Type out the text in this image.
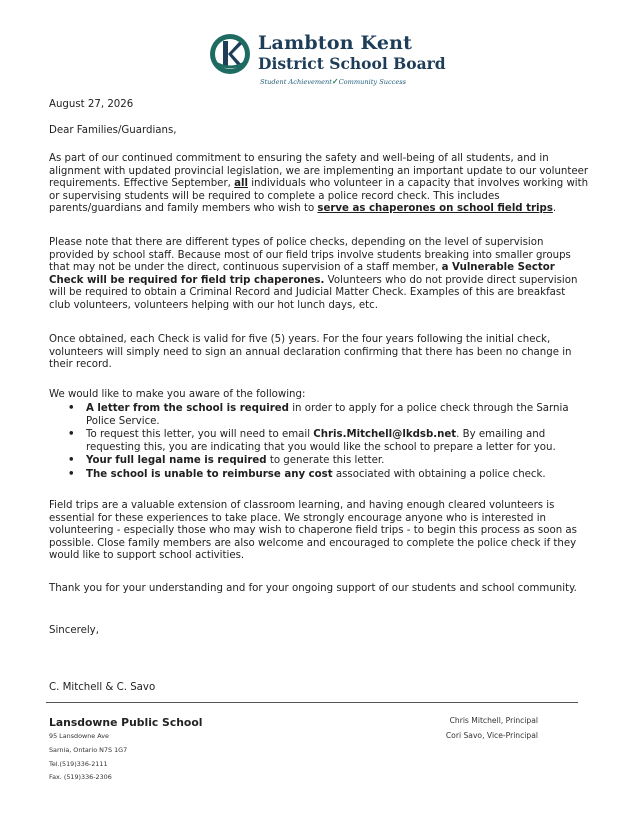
Lambton Kent
District School Board
Student Achievement✓Community Success
August 27, 2026
Dear Families/Guardians,
As part of our continued commitment to ensuring the safety and well-being of all students, and in alignment with updated provincial legislation, we are implementing an important update to our volunteer requirements. Effective September, all individuals who volunteer in a capacity that involves working with or supervising students will be required to complete a police record check. This includes parents/guardians and family members who wish to serve as chaperones on school field trips.
Please note that there are different types of police checks, depending on the level of supervision provided by school staff. Because most of our field trips involve students breaking into smaller groups that may not be under the direct, continuous supervision of a staff member, a Vulnerable Sector Check will be required for field trip chaperones. Volunteers who do not provide direct supervision will be required to obtain a Criminal Record and Judicial Matter Check. Examples of this are breakfast club volunteers, volunteers helping with our hot lunch days, etc.
Once obtained, each Check is valid for five (5) years. For the four years following the initial check, volunteers will simply need to sign an annual declaration confirming that there has been no change in their record.
We would like to make you aware of the following:
• A letter from the school is required in order to apply for a police check through the Sarnia Police Service.
• To request this letter, you will need to email Chris.Mitchell@lkdsb.net. By emailing and requesting this, you are indicating that you would like the school to prepare a letter for you.
• Your full legal name is required to generate this letter.
• The school is unable to reimburse any cost associated with obtaining a police check.
Field trips are a valuable extension of classroom learning, and having enough cleared volunteers is essential for these experiences to take place. We strongly encourage anyone who is interested in volunteering - especially those who may wish to chaperone field trips - to begin this process as soon as possible. Close family members are also welcome and encouraged to complete the police check if they would like to support school activities.
Thank you for your understanding and for your ongoing support of our students and school community.
Sincerely,
C. Mitchell & C. Savo
Lansdowne Public School
95 Lansdowne Ave
Sarnia, Ontario N7S 1G7
Tel.(519)336-2111
Fax. (519)336-2306
Chris Mitchell, Principal
Cori Savo, Vice-Principal
